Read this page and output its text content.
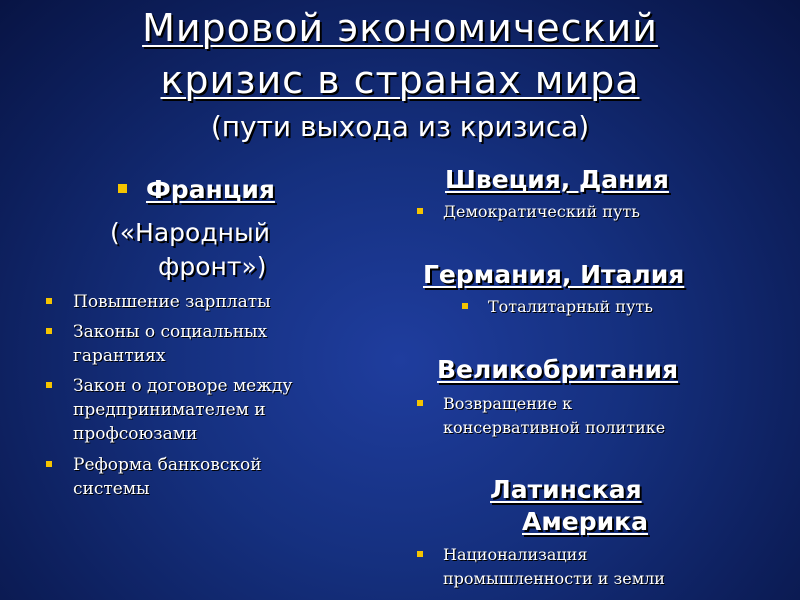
Мировой экономический
кризис в странах мира
(пути выхода из кризиса)
Франция
(«Народный
фронт»)
Повышение зарплаты
Законы о социальных
гарантиях
Закон о договоре между
предпринимателем и
профсоюзами
Реформа банковской
системы
Швеция, Дания
Демократический путь
Германия, Италия
Тоталитарный путь
Великобритания
Возвращение к
консервативной политике
Латинская
Америка
Национализация
промышленности и земли
